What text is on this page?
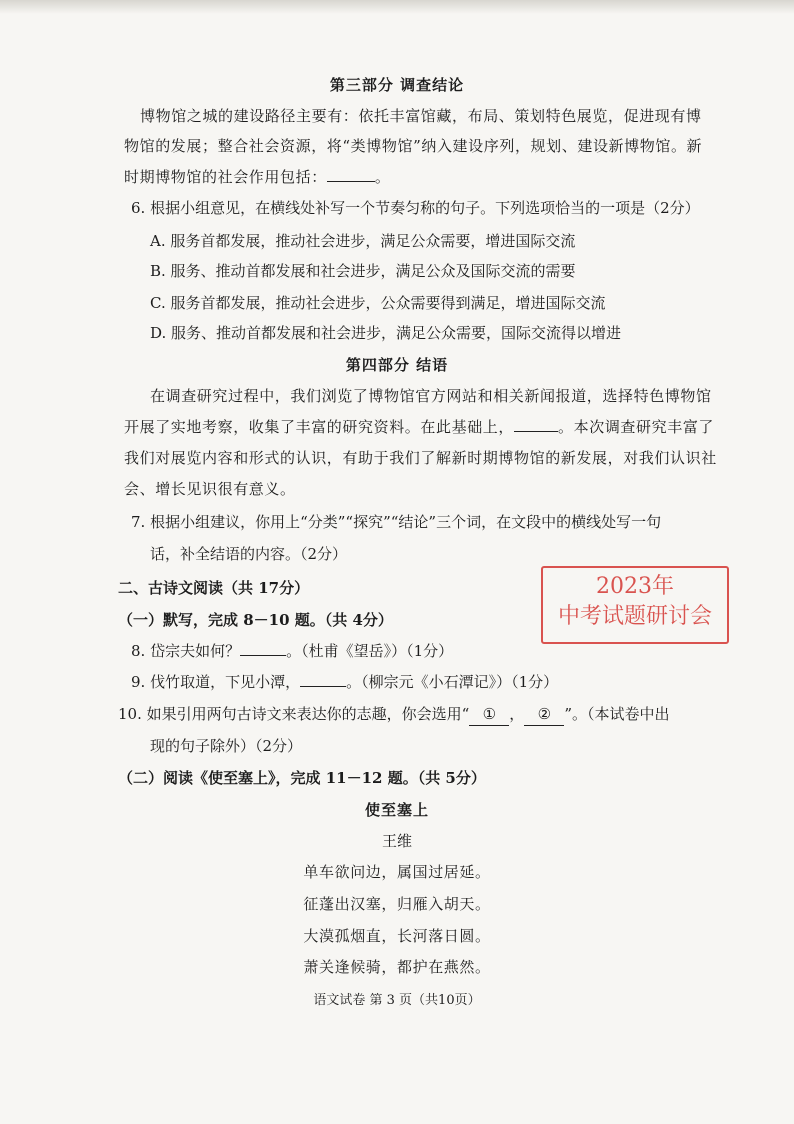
第三部分 调查结论
博物馆之城的建设路径主要有：依托丰富馆藏，布局、策划特色展览，促进现有博
物馆的发展；整合社会资源，将“类博物馆”纳入建设序列，规划、建设新博物馆。新
时期博物馆的社会作用包括：	。
6. 根据小组意见，在横线处补写一个节奏匀称的句子。下列选项恰当的一项是（2分）
A. 服务首都发展，推动社会进步，满足公众需要，增进国际交流
B. 服务、推动首都发展和社会进步，满足公众及国际交流的需要
C. 服务首都发展，推动社会进步，公众需要得到满足，增进国际交流
D. 服务、推动首都发展和社会进步，满足公众需要，国际交流得以增进
第四部分 结语
在调查研究过程中，我们浏览了博物馆官方网站和相关新闻报道，选择特色博物馆
开展了实地考察，收集了丰富的研究资料。在此基础上，	。本次调查研究丰富了
我们对展览内容和形式的认识，有助于我们了解新时期博物馆的新发展，对我们认识社
会、增长见识很有意义。
7. 根据小组建议，你用上“分类”“探究”“结论”三个词，在文段中的横线处写一句
话，补全结语的内容。（2分）
二、古诗文阅读（共 17分）
（一）默写，完成 8－10 题。（共 4分）
8. 岱宗夫如何？	。（杜甫《望岳》）（1分）
9. 伐竹取道，下见小潭，	。（柳宗元《小石潭记》）（1分）
10. 如果引用两句古诗文来表达你的志趣，你会选用“ ① ， ② ”。（本试卷中出
现的句子除外）（2分）
（二）阅读《使至塞上》，完成 11－12 题。（共 5分）
使至塞上
王维
单车欲问边，属国过居延。
征蓬出汉塞，归雁入胡天。
大漠孤烟直，长河落日圆。
萧关逢候骑，都护在燕然。
语文试卷 第 3 页（共10页）
2023年
中考试题研讨会
